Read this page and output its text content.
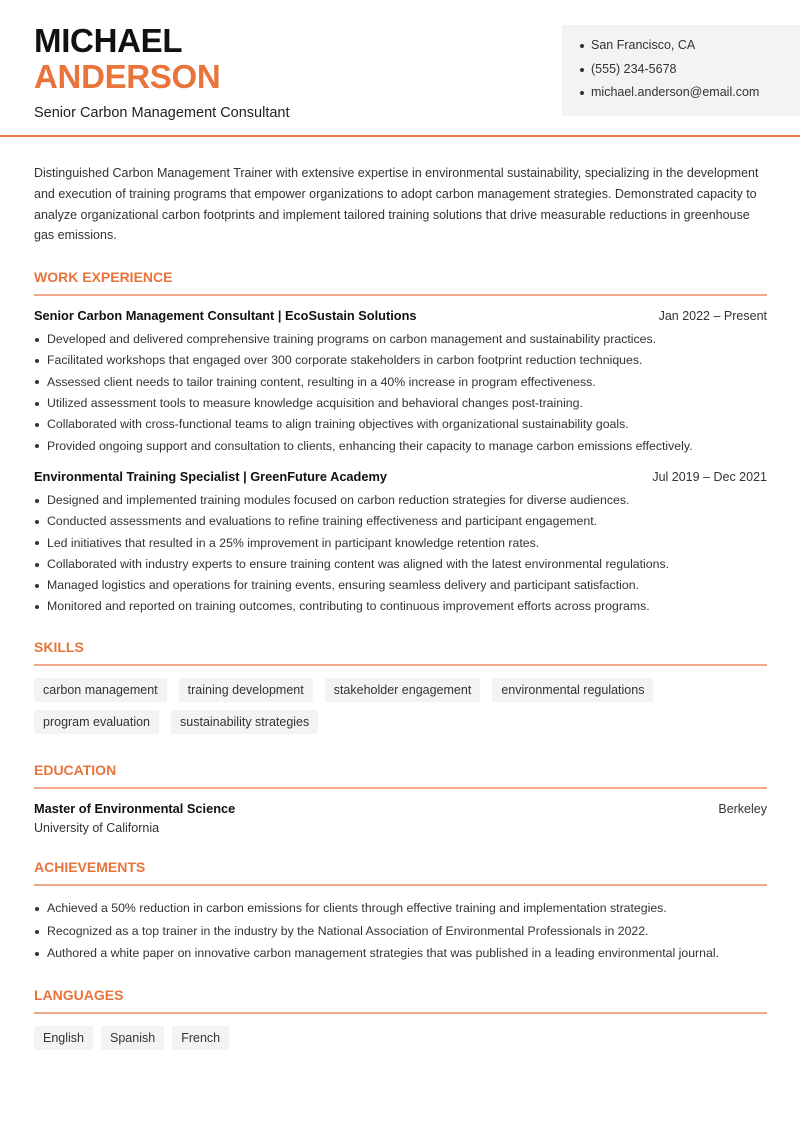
MICHAEL
ANDERSON
Senior Carbon Management Consultant
San Francisco, CA
(555) 234-5678
michael.anderson@email.com

Distinguished Carbon Management Trainer with extensive expertise in environmental sustainability, specializing in the development and execution of training programs that empower organizations to adopt carbon management strategies. Demonstrated capacity to analyze organizational carbon footprints and implement tailored training solutions that drive measurable reductions in greenhouse gas emissions.

WORK EXPERIENCE
Senior Carbon Management Consultant | EcoSustain Solutions	Jan 2022 – Present
Developed and delivered comprehensive training programs on carbon management and sustainability practices.
Facilitated workshops that engaged over 300 corporate stakeholders in carbon footprint reduction techniques.
Assessed client needs to tailor training content, resulting in a 40% increase in program effectiveness.
Utilized assessment tools to measure knowledge acquisition and behavioral changes post-training.
Collaborated with cross-functional teams to align training objectives with organizational sustainability goals.
Provided ongoing support and consultation to clients, enhancing their capacity to manage carbon emissions effectively.
Environmental Training Specialist | GreenFuture Academy	Jul 2019 – Dec 2021
Designed and implemented training modules focused on carbon reduction strategies for diverse audiences.
Conducted assessments and evaluations to refine training effectiveness and participant engagement.
Led initiatives that resulted in a 25% improvement in participant knowledge retention rates.
Collaborated with industry experts to ensure training content was aligned with the latest environmental regulations.
Managed logistics and operations for training events, ensuring seamless delivery and participant satisfaction.
Monitored and reported on training outcomes, contributing to continuous improvement efforts across programs.
SKILLS
carbon management	training development	stakeholder engagement	environmental regulations
program evaluation	sustainability strategies
EDUCATION
Master of Environmental Science	Berkeley
University of California
ACHIEVEMENTS
Achieved a 50% reduction in carbon emissions for clients through effective training and implementation strategies.
Recognized as a top trainer in the industry by the National Association of Environmental Professionals in 2022.
Authored a white paper on innovative carbon management strategies that was published in a leading environmental journal.
LANGUAGES
English	Spanish	French
